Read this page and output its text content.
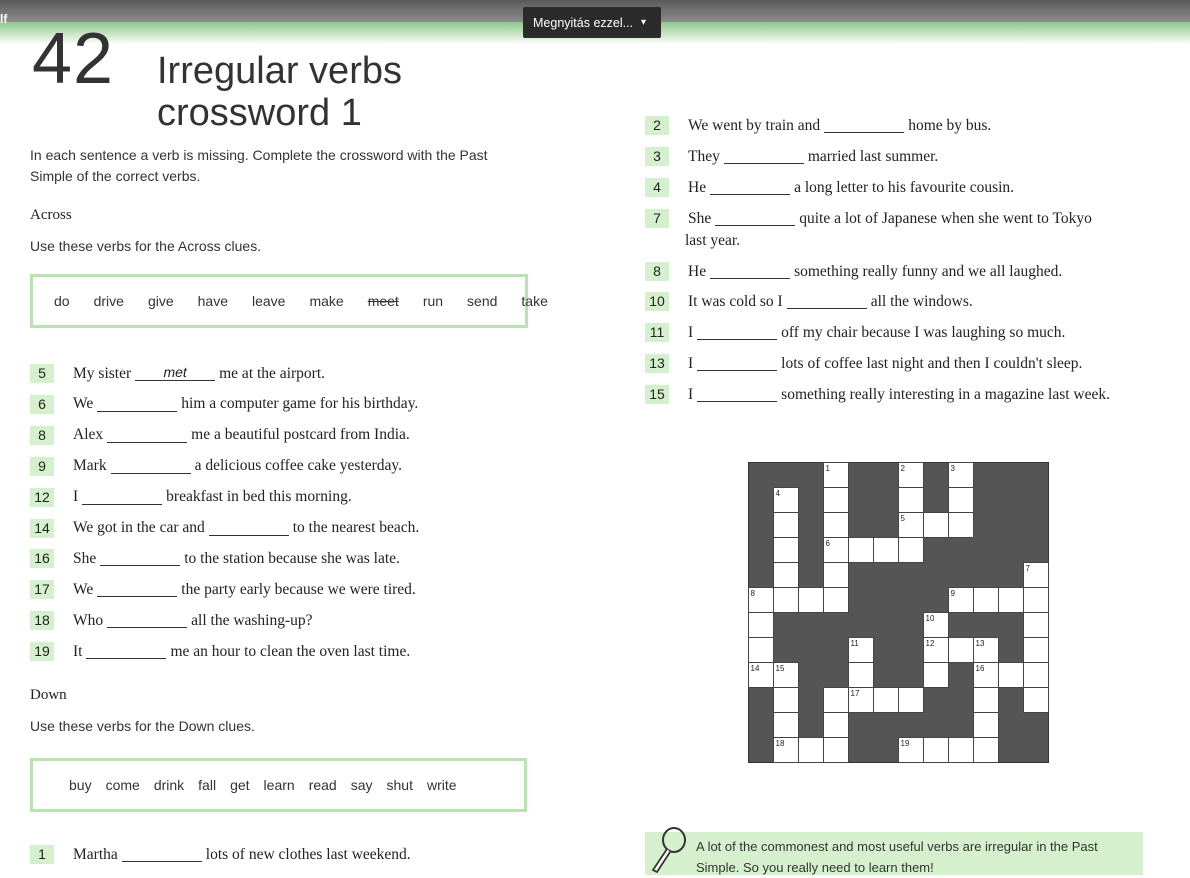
lf	Megnyitás ezzel... ▾
42 Irregular verbs
crossword 1
In each sentence a verb is missing. Complete the crossword with the Past Simple of the correct verbs.
Across
Use these verbs for the Across clues.
do drive give have leave make meet run send take
5	My sister	met	me at the airport.
6	We	him a computer game for his birthday.
8	Alex	me a beautiful postcard from India.
9	Mark	a delicious coffee cake yesterday.
12 I	breakfast in bed this morning.
14 We got in the car and	to the nearest beach.
16 She	to the station because she was late.
17 We	the party early because we were tired.
18 Who	all the washing-up?
19 It	me an hour to clean the oven last time.
Down
Use these verbs for the Down clues.
buy come drink fall get learn read say shut write
1	Martha	lots of new clothes last weekend.
2	We went by train and	home by bus.
3	They	married last summer.
4	He	a long letter to his favourite cousin.
7	She	quite a lot of Japanese when she went to Tokyo
last year.
8	He	something really funny and we all laughed.
10 It was cold so I	all the windows.
11	I	off my chair because I was laughing so much.
13 I	lots of coffee last night and then I couldn't sleep.
15 I	something really interesting in a magazine last week.
1	2	3
4
5
6
7
8	9
10
11	12	13
14 15	16
17
18	19
A lot of the commonest and most useful verbs are irregular in the Past Simple. So you really need to learn them!
